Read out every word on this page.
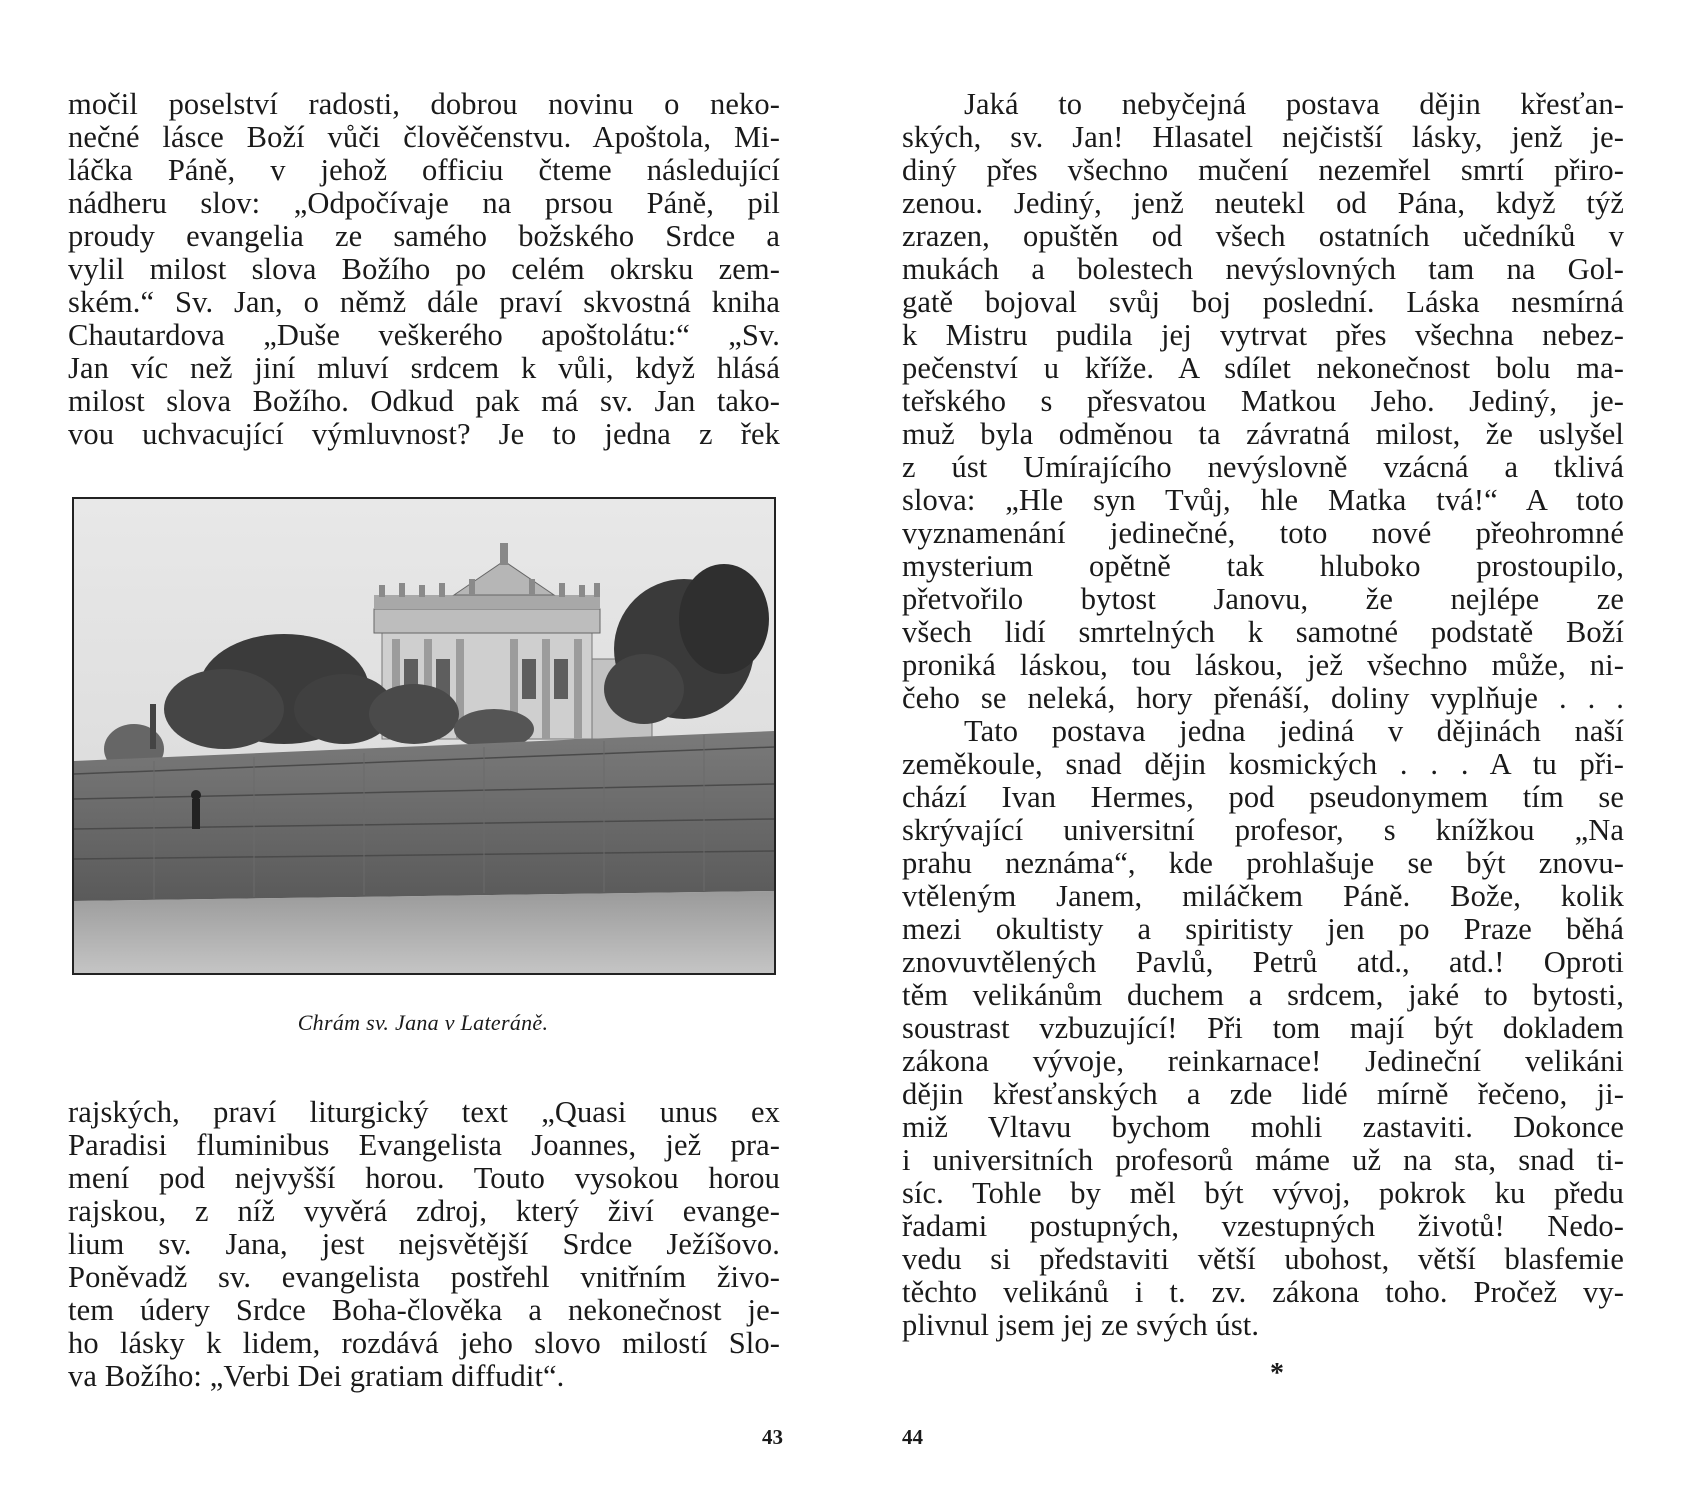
močil poselství radosti, dobrou novinu o neko-
nečné lásce Boží vůči člověčenstvu. Apoštola, Mi-
láčka Páně, v jehož officiu čteme následující
nádheru slov: „Odpočívaje na prsou Páně, pil
proudy evangelia ze samého božského Srdce a
vylil milost slova Božího po celém okrsku zem-
ském.“ Sv. Jan, o němž dále praví skvostná kniha
Chautardova „Duše veškerého apoštolátu:“ „Sv.
Jan víc než jiní mluví srdcem k vůli, když hlásá
milost slova Božího. Odkud pak má sv. Jan tako-
vou uchvacující výmluvnost? Je to jedna z řek
Chrám sv. Jana v Lateráně.
rajských, praví liturgický text „Quasi unus ex
Paradisi fluminibus Evangelista Joannes, jež pra-
mení pod nejvyšší horou. Touto vysokou horou
rajskou, z níž vyvěrá zdroj, který živí evange-
lium sv. Jana, jest nejsvětější Srdce Ježíšovo.
Poněvadž sv. evangelista postřehl vnitřním živo-
tem údery Srdce Boha-člověka a nekonečnost je-
ho lásky k lidem, rozdává jeho slovo milostí Slo-
va Božího: „Verbi Dei gratiam diffudit“.
43
Jaká to nebyčejná postava dějin křesťan-
ských, sv. Jan! Hlasatel nejčistší lásky, jenž je-
diný přes všechno mučení nezemřel smrtí přiro-
zenou. Jediný, jenž neutekl od Pána, když týž
zrazen, opuštěn od všech ostatních učedníků v
mukách a bolestech nevýslovných tam na Gol-
gatě bojoval svůj boj poslední. Láska nesmírná
k Mistru pudila jej vytrvat přes všechna nebez-
pečenství u kříže. A sdílet nekonečnost bolu ma-
teřského s přesvatou Matkou Jeho. Jediný, je-
muž byla odměnou ta závratná milost, že uslyšel
z úst Umírajícího nevýslovně vzácná a tklivá
slova: „Hle syn Tvůj, hle Matka tvá!“ A toto
vyznamenání jedinečné, toto nové přeohromné
mysterium opětně tak hluboko prostoupilo,
přetvořilo bytost Janovu, že nejlépe ze
všech lidí smrtelných k samotné podstatě Boží
proniká láskou, tou láskou, jež všechno může, ni-
čeho se neleká, hory přenáší, doliny vyplňuje . . .
Tato postava jedna jediná v dějinách naší
zeměkoule, snad dějin kosmických . . . A tu při-
chází Ivan Hermes, pod pseudonymem tím se
skrývající universitní profesor, s knížkou „Na
prahu neznáma“, kde prohlašuje se být znovu-
vtěleným Janem, miláčkem Páně. Bože, kolik
mezi okultisty a spiritisty jen po Praze běhá
znovuvtělených Pavlů, Petrů atd., atd.! Oproti
těm velikánům duchem a srdcem, jaké to bytosti,
soustrast vzbuzující! Při tom mají být dokladem
zákona vývoje, reinkarnace! Jedineční velikáni
dějin křesťanských a zde lidé mírně řečeno, ji-
miž Vltavu bychom mohli zastaviti. Dokonce
i universitních profesorů máme už na sta, snad ti-
síc. Tohle by měl být vývoj, pokrok ku předu
řadami postupných, vzestupných životů! Nedo-
vedu si představiti větší ubohost, větší blasfemie
těchto velikánů i t. zv. zákona toho. Pročež vy-
plivnul jsem jej ze svých úst.
*
44
